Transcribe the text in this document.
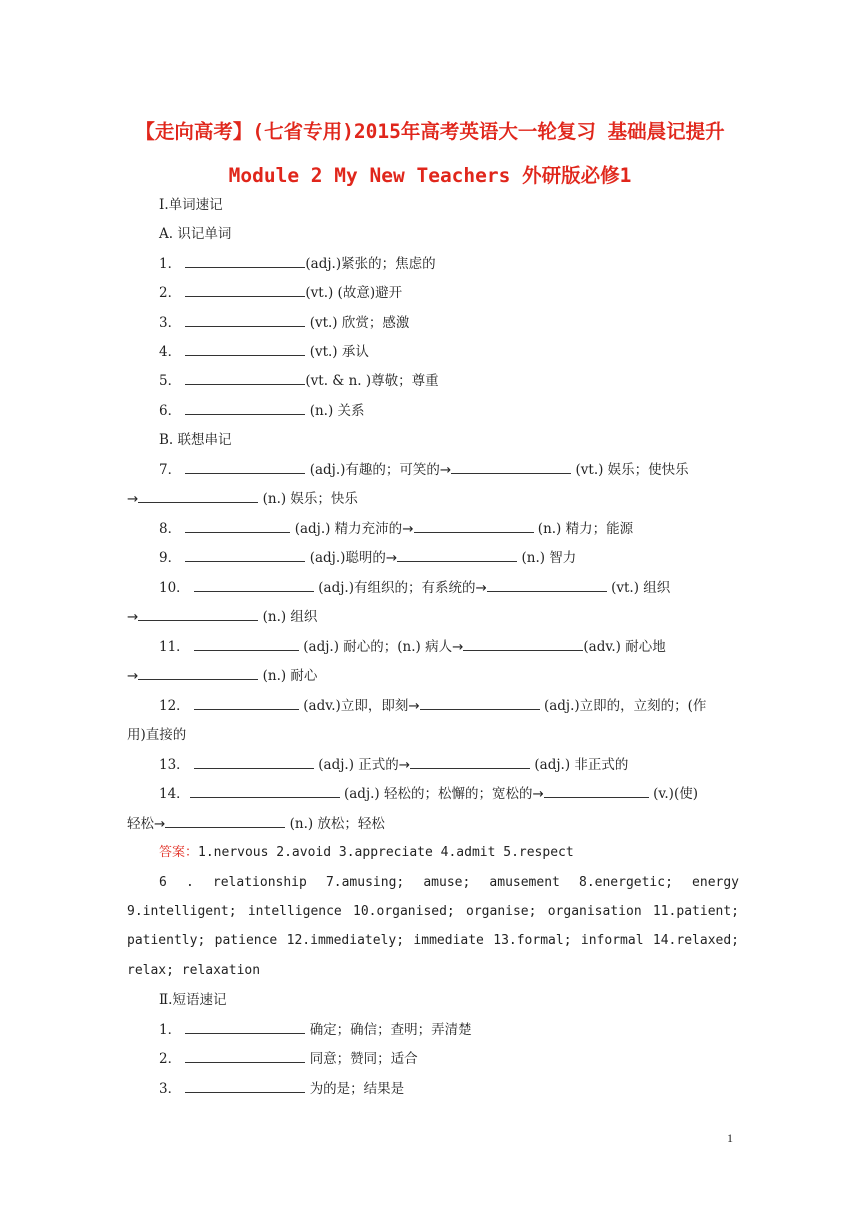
【走向高考】(七省专用)2015年高考英语大一轮复习 基础晨记提升
Module 2 My New Teachers 外研版必修1
Ⅰ.单词速记
A. 识记单词
1．	(adj.)紧张的；焦虑的
2．	(vt.) (故意)避开
3．	(vt.) 欣赏；感激
4．	(vt.) 承认
5．	(vt. & n. )尊敬；尊重
6．	(n.) 关系
B. 联想串记
7．	(adj.)有趣的；可笑的→	(vt.) 娱乐；使快乐
→	(n.) 娱乐；快乐
8．	(adj.) 精力充沛的→	(n.) 精力；能源
9．	(adj.)聪明的→	(n.) 智力
10．	(adj.)有组织的；有系统的→	(vt.) 组织
→	(n.) 组织
11．	(adj.) 耐心的；(n.) 病人→	(adv.) 耐心地
→	(n.) 耐心
12．	(adv.)立即，即刻→	(adj.)立即的，立刻的；(作
用)直接的
13．	(adj.) 正式的→	(adj.) 非正式的
14．	(adj.) 轻松的；松懈的；宽松的→	(v.)(使)
轻松→	(n.) 放松；轻松
答案：1.nervous 2.avoid 3.appreciate 4.admit 5.respect
6 . relationship 7.amusing; amuse; amusement 8.energetic; energy
9.intelligent; intelligence 10.organised; organise; organisation 11.patient;
patiently; patience 12.immediately; immediate 13.formal; informal 14.relaxed;
relax; relaxation
Ⅱ.短语速记
1．	确定；确信；查明；弄清楚
2．	同意；赞同；适合
3．	为的是；结果是
1
